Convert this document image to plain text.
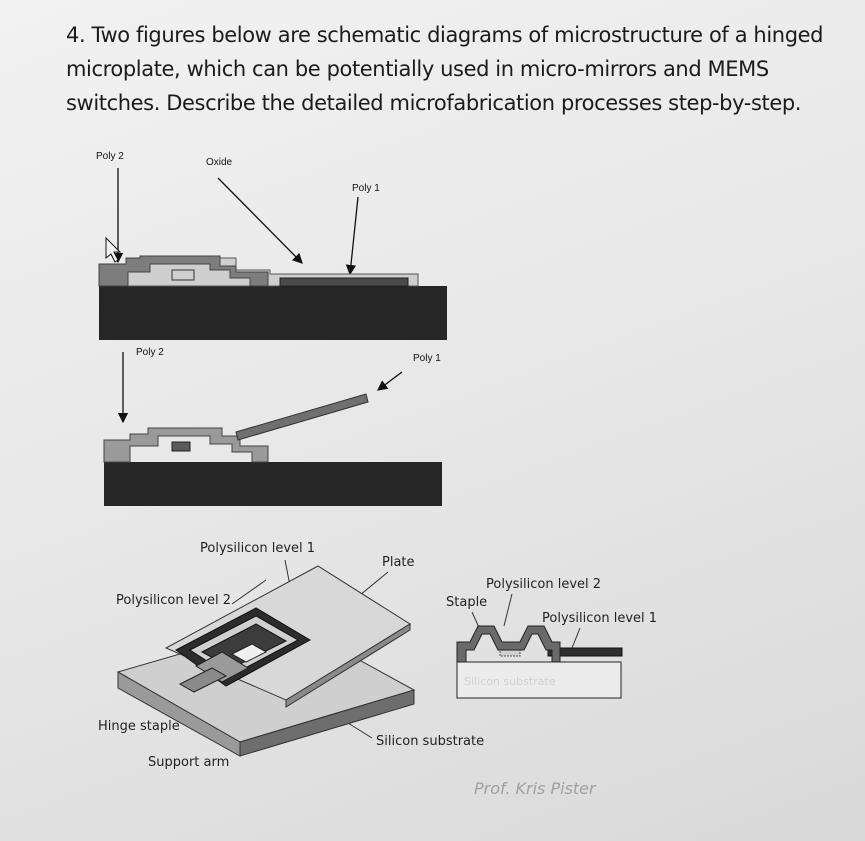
4. Two figures below are schematic diagrams of microstructure of a hinged
microplate, which can be potentially used in micro-mirrors and MEMS
switches. Describe the detailed microfabrication processes step-by-step.
Poly 2
Oxide
Poly 1
Poly 2
Poly 1
Polysilicon level 1
Plate
Polysilicon level 2
Hinge staple
Support arm
Silicon substrate
Polysilicon level 2
Staple
Polysilicon level 1
Silicon substrate
Prof. Kris Pister
